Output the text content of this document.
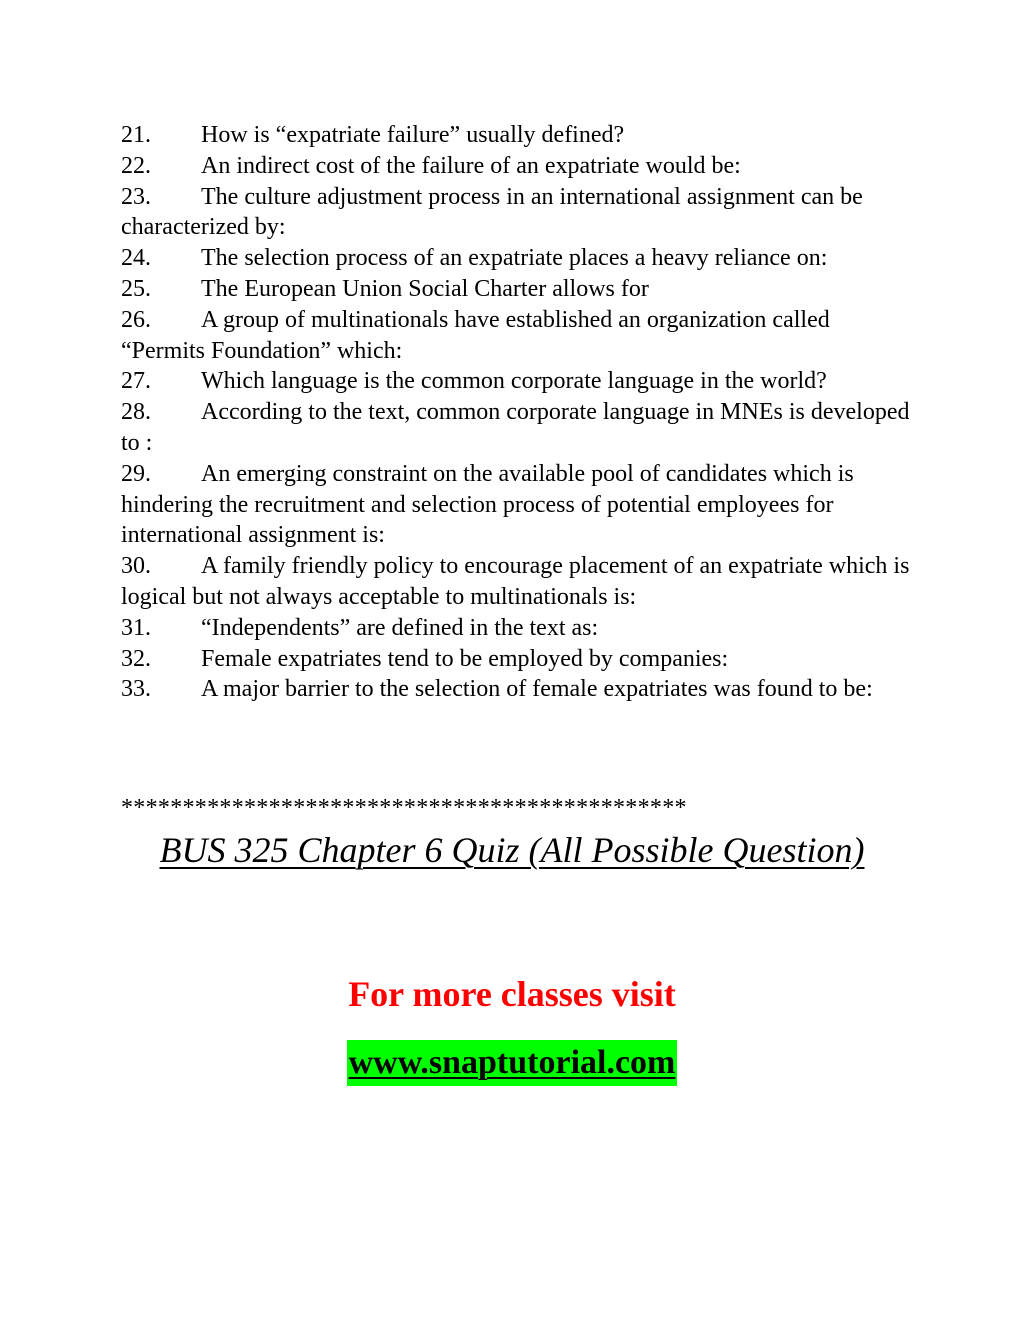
21. How is “expatriate failure” usually defined?
22. An indirect cost of the failure of an expatriate would be:
23. The culture adjustment process in an international assignment can be characterized by:
24. The selection process of an expatriate places a heavy reliance on:
25. The European Union Social Charter allows for
26. A group of multinationals have established an organization called “Permits Foundation” which:
27. Which language is the common corporate language in the world?
28. According to the text, common corporate language in MNEs is developed to :
29. An emerging constraint on the available pool of candidates which is hindering the recruitment and selection process of potential employees for international assignment is:
30. A family friendly policy to encourage placement of an expatriate which is logical but not always acceptable to multinationals is:
31. “Independents” are defined in the text as:
32. Female expatriates tend to be employed by companies:
33. A major barrier to the selection of female expatriates was found to be:
**********************************************
BUS 325 Chapter 6 Quiz (All Possible Question)

For more classes visit

www.snaptutorial.com
